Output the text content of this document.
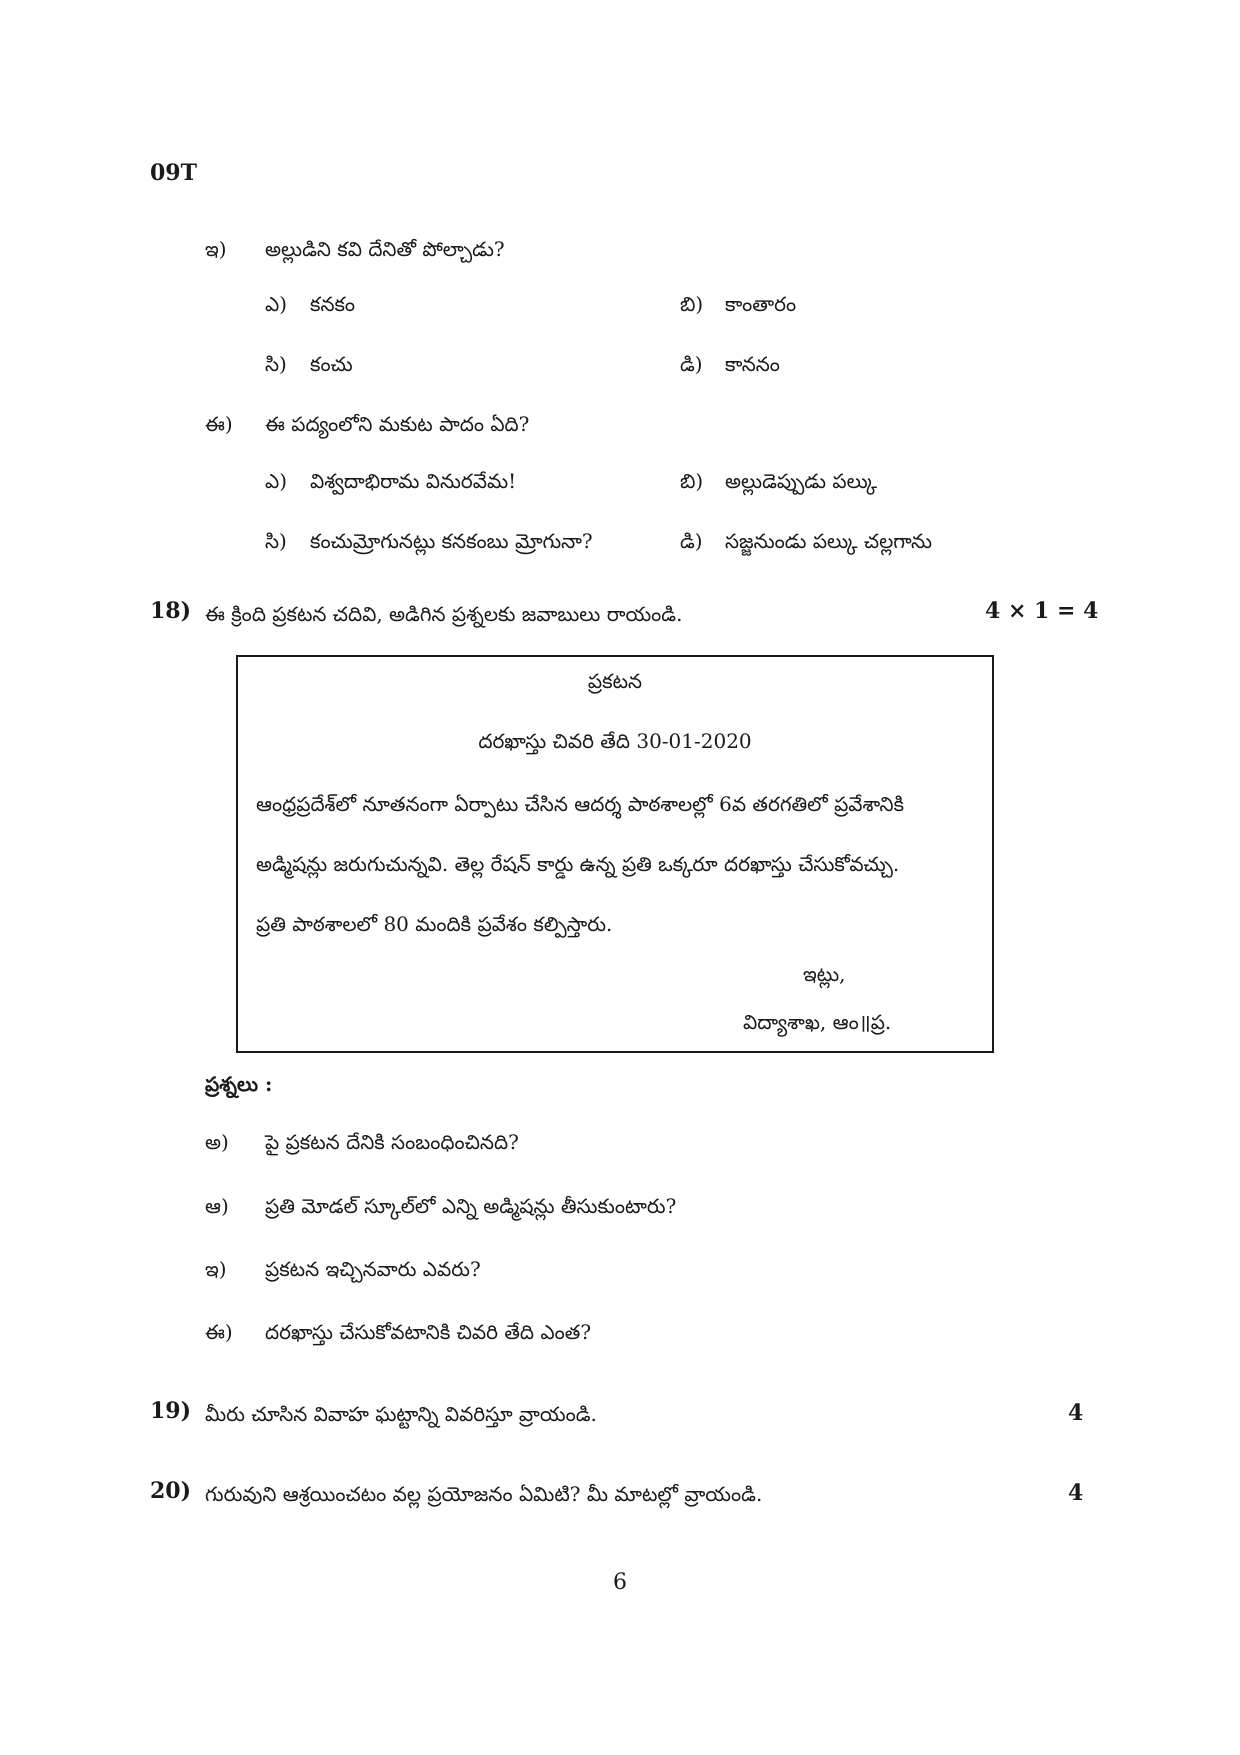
09T
ఇ) అల్లుడిని కవి దేనితో పోల్చాడు?
ఎ) కనకం	బి) కాంతారం
సి) కంచు	డి) కాననం
ఈ) ఈ పద్యంలోని మకుట పాదం ఏది?
ఎ) విశ్వదాభిరామ వినురవేమ!	బి) అల్లుడెప్పుడు పల్కు
సి) కంచుమ్రోగునట్లు కనకంబు మ్రోగునా?	డి) సజ్జనుండు పల్కు చల్లగాను
18) ఈ క్రింది ప్రకటన చదివి, అడిగిన ప్రశ్నలకు జవాబులు రాయండి.	4 × 1 = 4
ప్రకటన
దరఖాస్తు చివరి తేది 30-01-2020
ఆంధ్రప్రదేశ్‌లో నూతనంగా ఏర్పాటు చేసిన ఆదర్శ పాఠశాలల్లో 6వ తరగతిలో ప్రవేశానికి
అడ్మిషన్లు జరుగుచున్నవి. తెల్ల రేషన్ కార్డు ఉన్న ప్రతి ఒక్కరూ దరఖాస్తు చేసుకోవచ్చు.
ప్రతి పాఠశాలలో 80 మందికి ప్రవేశం కల్పిస్తారు.
ఇట్లు,
విద్యాశాఖ, ఆం॥ప్ర.
ప్రశ్నలు :
అ) పై ప్రకటన దేనికి సంబంధించినది?
ఆ) ప్రతి మోడల్ స్కూల్‌లో ఎన్ని అడ్మిషన్లు తీసుకుంటారు?
ఇ) ప్రకటన ఇచ్చినవారు ఎవరు?
ఈ) దరఖాస్తు చేసుకోవటానికి చివరి తేది ఎంత?
19) మీరు చూసిన వివాహ ఘట్టాన్ని వివరిస్తూ వ్రాయండి.	4
20) గురువుని ఆశ్రయించటం వల్ల ప్రయోజనం ఏమిటి? మీ మాటల్లో వ్రాయండి.	4
6
